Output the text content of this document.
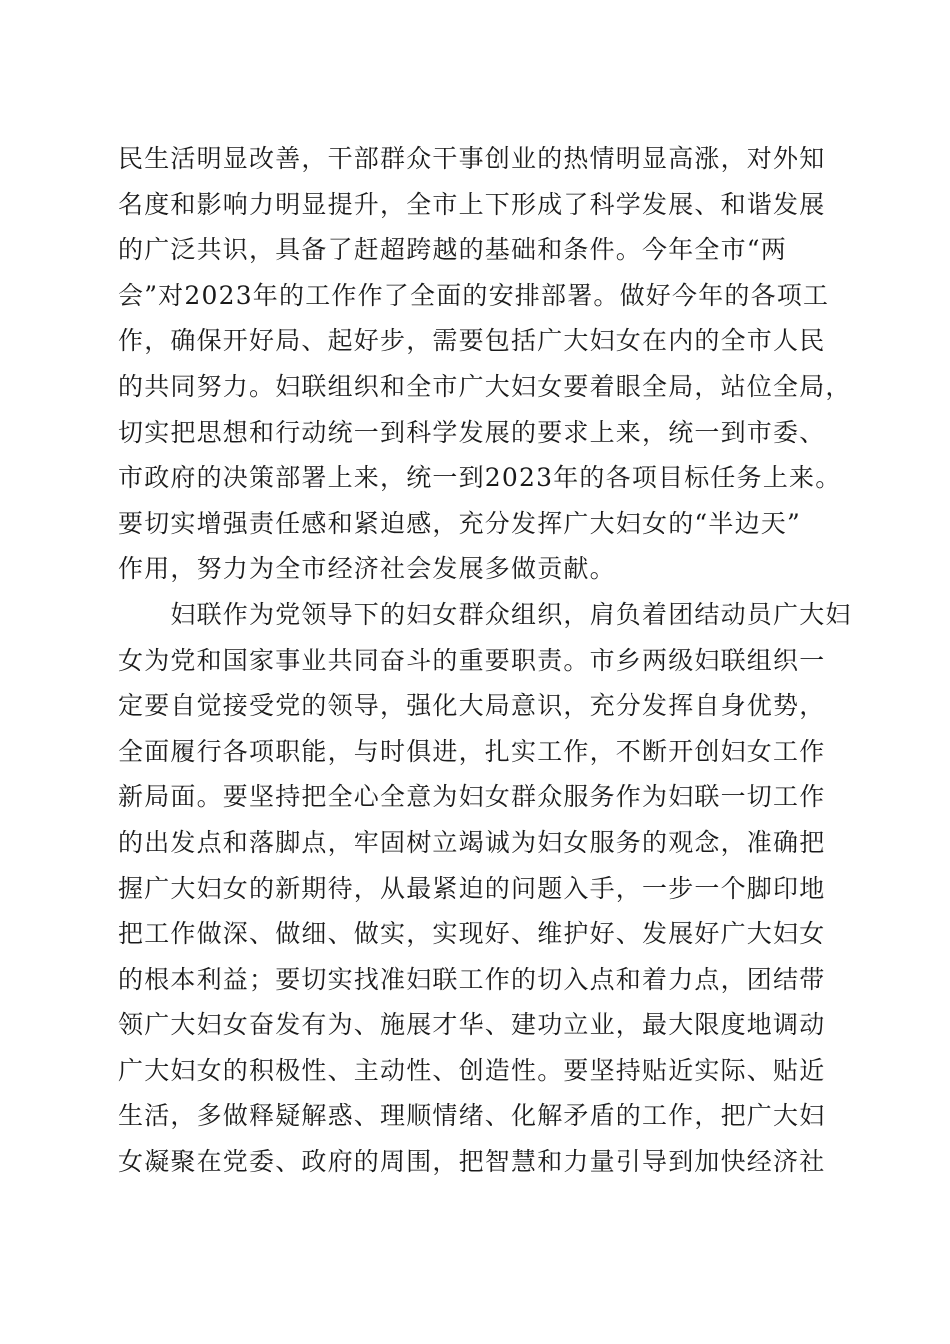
民生活明显改善，干部群众干事创业的热情明显高涨，对外知
名度和影响力明显提升，全市上下形成了科学发展、和谐发展
的广泛共识，具备了赶超跨越的基础和条件。今年全市“两
会”对2023年的工作作了全面的安排部署。做好今年的各项工
作，确保开好局、起好步，需要包括广大妇女在内的全市人民
的共同努力。妇联组织和全市广大妇女要着眼全局，站位全局，
切实把思想和行动统一到科学发展的要求上来，统一到市委、
市政府的决策部署上来，统一到2023年的各项目标任务上来。
要切实增强责任感和紧迫感，充分发挥广大妇女的“半边天”
作用，努力为全市经济社会发展多做贡献。
　　妇联作为党领导下的妇女群众组织，肩负着团结动员广大妇
女为党和国家事业共同奋斗的重要职责。市乡两级妇联组织一
定要自觉接受党的领导，强化大局意识，充分发挥自身优势，
全面履行各项职能，与时俱进，扎实工作，不断开创妇女工作
新局面。要坚持把全心全意为妇女群众服务作为妇联一切工作
的出发点和落脚点，牢固树立竭诚为妇女服务的观念，准确把
握广大妇女的新期待，从最紧迫的问题入手，一步一个脚印地
把工作做深、做细、做实，实现好、维护好、发展好广大妇女
的根本利益；要切实找准妇联工作的切入点和着力点，团结带
领广大妇女奋发有为、施展才华、建功立业，最大限度地调动
广大妇女的积极性、主动性、创造性。要坚持贴近实际、贴近
生活，多做释疑解惑、理顺情绪、化解矛盾的工作，把广大妇
女凝聚在党委、政府的周围，把智慧和力量引导到加快经济社
